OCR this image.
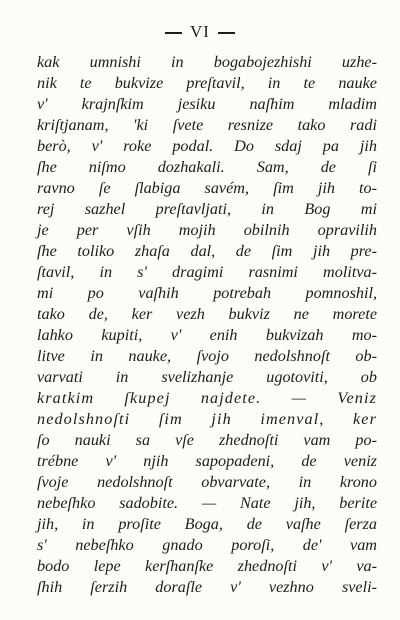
VI
kak umnishi in bogabojezhishi uzhe-
nik te bukvize preſtavil, in te nauke
v' krajnſkim jesiku naſhim mladim
kriſtjanam, 'ki ſvete resnize tako radi
berò, v' roke podal. Do sdaj pa jih
ſhe niſmo dozhakali. Sam, de ſi
ravno ſe ſlabiga savém, ſim jih to-
rej sazhel preſtavljati, in Bog mi
je per vſih mojih obilnih opravilih
ſhe toliko zhaſa dal, de ſim jih pre-
ſtavil, in s' dragimi rasnimi molitva-
mi po vaſhih potrebah pomnoshil,
tako de, ker vezh bukviz ne morete
lahko kupiti, v' enih bukvizah mo-
litve in nauke, ſvojo nedolshnoſt ob-
varvati in svelizhanje ugotoviti, ob
kratkim ſkupej najdete. — Veniz
nedolshnoſti ſim jih imenval, ker
ſo nauki sa vſe zhednoſti vam po-
trébne v' njih sapopadeni, de veniz
ſvoje nedolshnoſt obvarvate, in krono
nebeſhko sadobite. — Nate jih, berite
jih, in proſite Boga, de vaſhe ſerza
s' nebeſhko gnado poroſi, de' vam
bodo lepe kerſhanſke zhednoſti v' va-
ſhih ſerzih doraſle v' vezhno sveli-
